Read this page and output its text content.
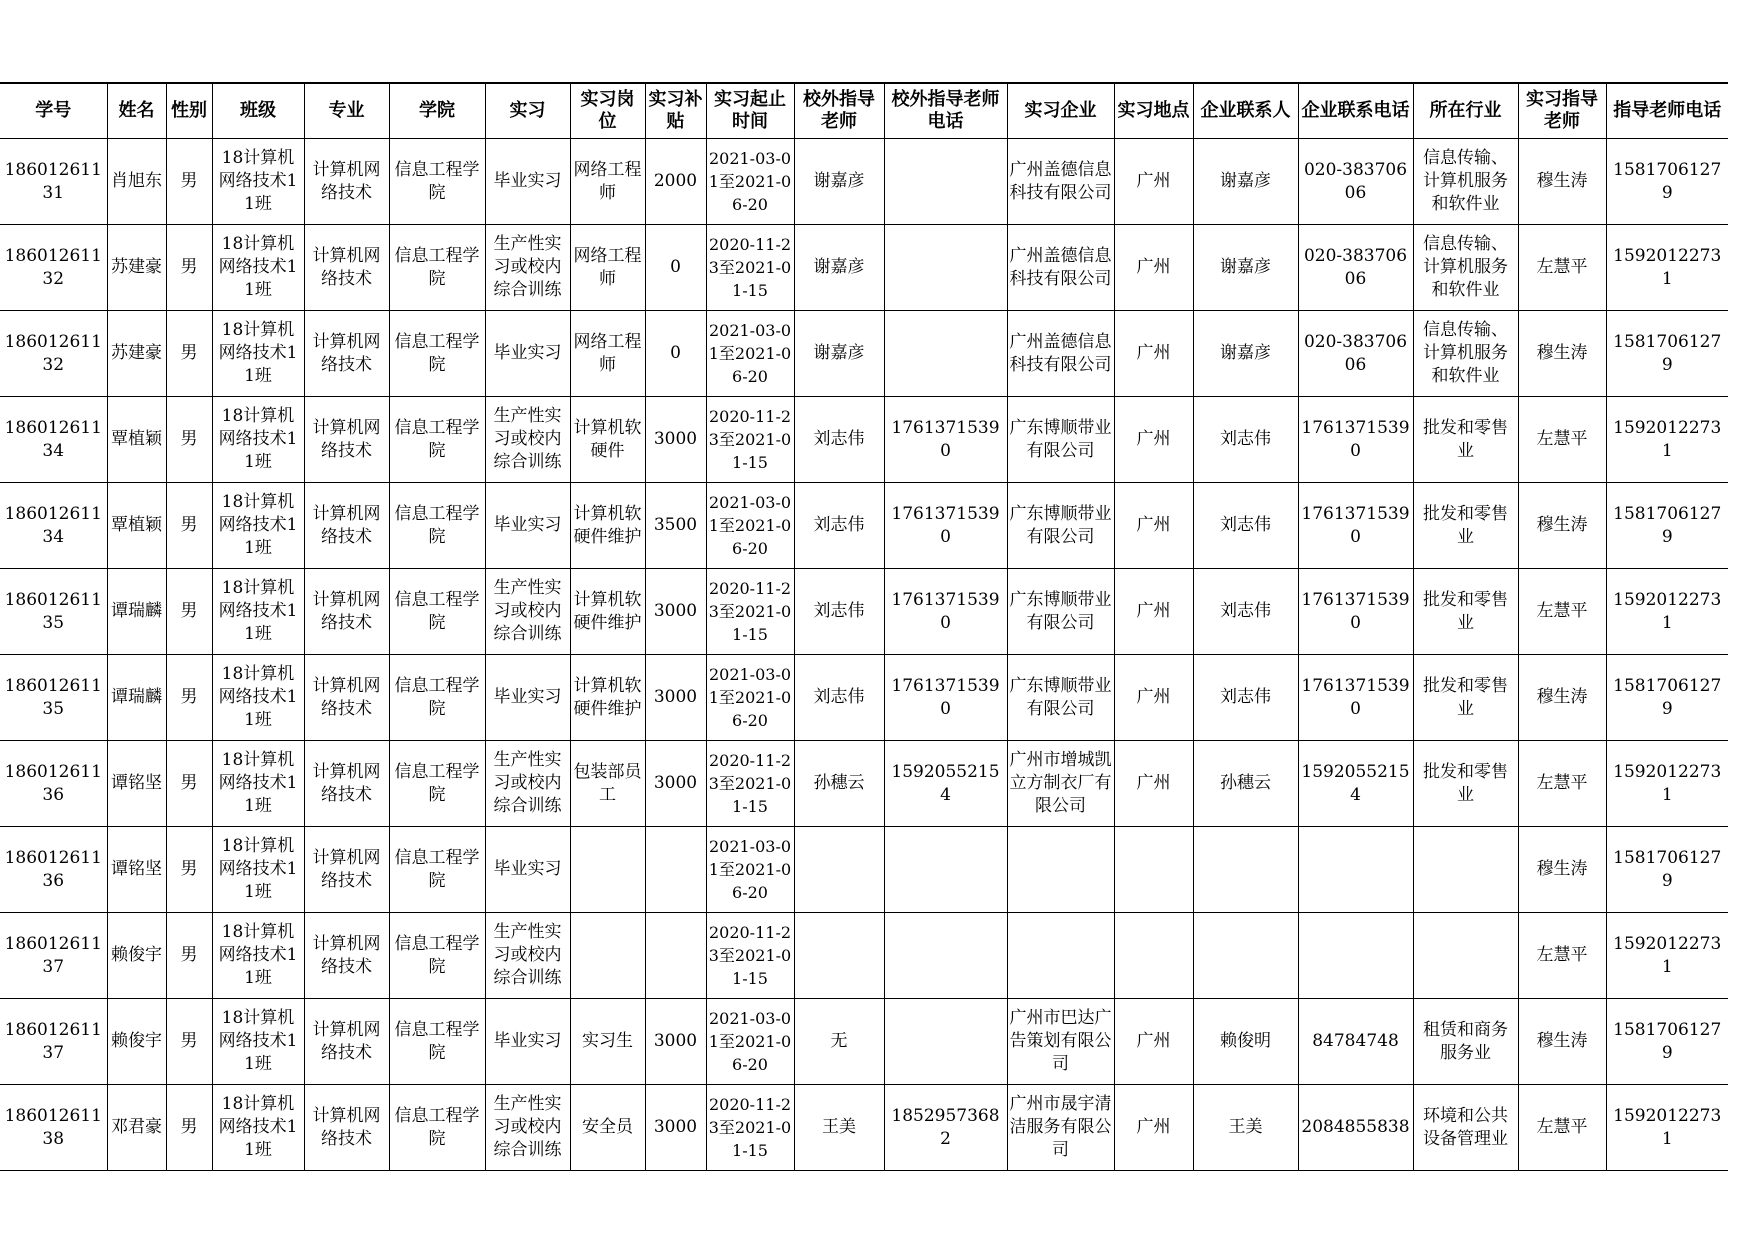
学号	姓名	性别	班级	专业	学院	实习	实习岗位	实习补贴	实习起止时间	校外指导老师	校外指导老师电话	实习企业	实习地点	企业联系人	企业联系电话	所在行业	实习指导老师	指导老师电话

18601261131	肖旭东	男	18计算机网络技术11班	计算机网络技术	信息工程学院	毕业实习	网络工程师	2000	2021-03-01至2021-06-20	谢嘉彦		广州盖德信息科技有限公司	广州	谢嘉彦	020-38370606	信息传输、计算机服务和软件业	穆生涛	15817061279

18601261132	苏建豪	男	18计算机网络技术11班	计算机网络技术	信息工程学院	生产性实习或校内综合训练	网络工程师	0	2020-11-23至2021-01-15	谢嘉彦		广州盖德信息科技有限公司	广州	谢嘉彦	020-38370606	信息传输、计算机服务和软件业	左慧平	15920122731

18601261132	苏建豪	男	18计算机网络技术11班	计算机网络技术	信息工程学院	毕业实习	网络工程师	0	2021-03-01至2021-06-20	谢嘉彦		广州盖德信息科技有限公司	广州	谢嘉彦	020-38370606	信息传输、计算机服务和软件业	穆生涛	15817061279

18601261134	覃植颖	男	18计算机网络技术11班	计算机网络技术	信息工程学院	生产性实习或校内综合训练	计算机软硬件	3000	2020-11-23至2021-01-15	刘志伟	17613715390	广东博顺带业有限公司	广州	刘志伟	17613715390	批发和零售业	左慧平	15920122731

18601261134	覃植颖	男	18计算机网络技术11班	计算机网络技术	信息工程学院	毕业实习	计算机软硬件维护	3500	2021-03-01至2021-06-20	刘志伟	17613715390	广东博顺带业有限公司	广州	刘志伟	17613715390	批发和零售业	穆生涛	15817061279

18601261135	谭瑞麟	男	18计算机网络技术11班	计算机网络技术	信息工程学院	生产性实习或校内综合训练	计算机软硬件维护	3000	2020-11-23至2021-01-15	刘志伟	17613715390	广东博顺带业有限公司	广州	刘志伟	17613715390	批发和零售业	左慧平	15920122731

18601261135	谭瑞麟	男	18计算机网络技术11班	计算机网络技术	信息工程学院	毕业实习	计算机软硬件维护	3000	2021-03-01至2021-06-20	刘志伟	17613715390	广东博顺带业有限公司	广州	刘志伟	17613715390	批发和零售业	穆生涛	15817061279

18601261136	谭铭坚	男	18计算机网络技术11班	计算机网络技术	信息工程学院	生产性实习或校内综合训练	包装部员工	3000	2020-11-23至2021-01-15	孙穗云	15920552154	广州市增城凯立方制衣厂有限公司	广州	孙穗云	15920552154	批发和零售业	左慧平	15920122731

18601261136	谭铭坚	男	18计算机网络技术11班	计算机网络技术	信息工程学院	毕业实习			2021-03-01至2021-06-20								穆生涛	15817061279

18601261137	赖俊宇	男	18计算机网络技术11班	计算机网络技术	信息工程学院	生产性实习或校内综合训练			2020-11-23至2021-01-15								左慧平	15920122731

18601261137	赖俊宇	男	18计算机网络技术11班	计算机网络技术	信息工程学院	毕业实习	实习生	3000	2021-03-01至2021-06-20	无		广州市巴达广告策划有限公司	广州	赖俊明	84784748	租赁和商务服务业	穆生涛	15817061279

18601261138	邓君豪	男	18计算机网络技术11班	计算机网络技术	信息工程学院	生产性实习或校内综合训练	安全员	3000	2020-11-23至2021-01-15	王美	18529573682	广州市晟宇清洁服务有限公司	广州	王美	2084855838	环境和公共设备管理业	左慧平	15920122731
